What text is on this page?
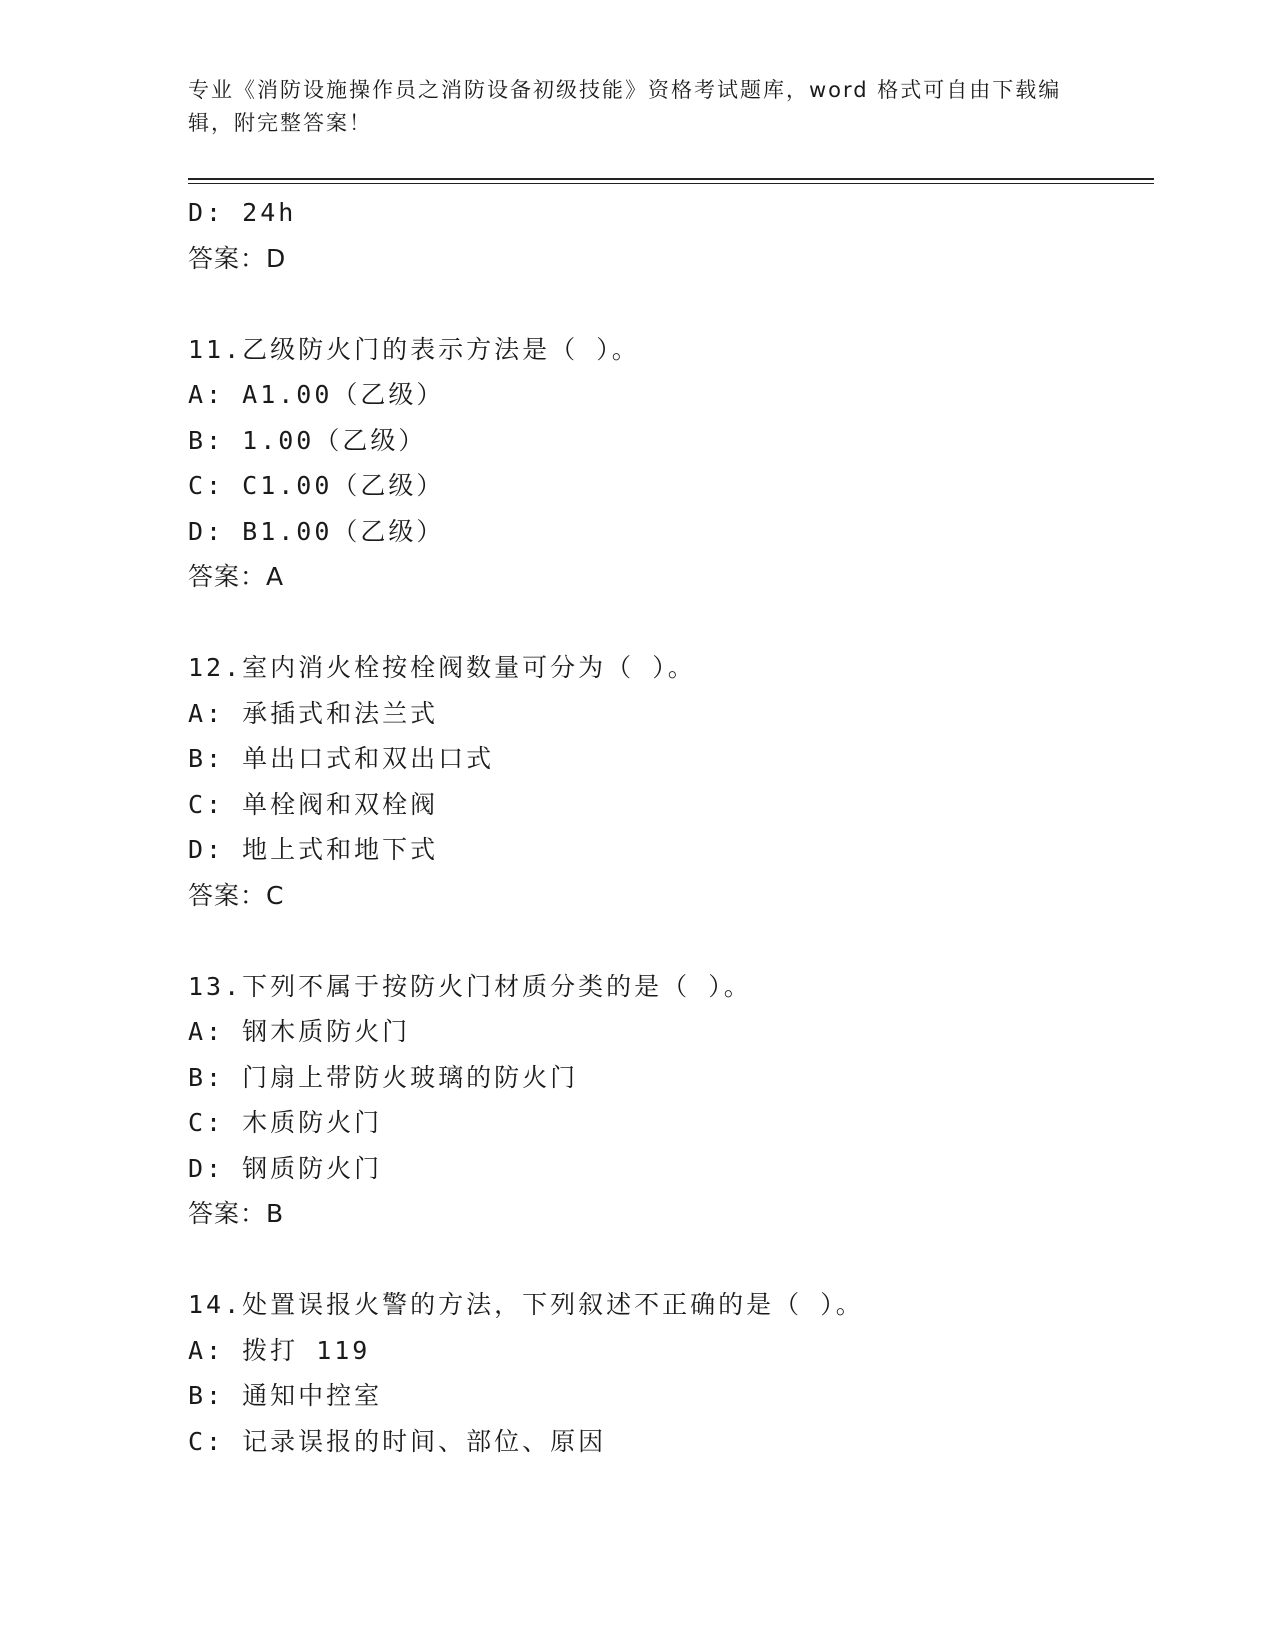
专业《消防设施操作员之消防设备初级技能》资格考试题库，word 格式可自由下载编辑，附完整答案！
D: 24h
答案：D
11.乙级防火门的表示方法是（ ）。
A: A1.00（乙级）
B: 1.00（乙级）
C: C1.00（乙级）
D: B1.00（乙级）
答案：A
12.室内消火栓按栓阀数量可分为（ ）。
A: 承插式和法兰式
B: 单出口式和双出口式
C: 单栓阀和双栓阀
D: 地上式和地下式
答案：C
13.下列不属于按防火门材质分类的是（ ）。
A: 钢木质防火门
B: 门扇上带防火玻璃的防火门
C: 木质防火门
D: 钢质防火门
答案：B
14.处置误报火警的方法，下列叙述不正确的是（ ）。
A: 拨打 119
B: 通知中控室
C: 记录误报的时间、部位、原因
